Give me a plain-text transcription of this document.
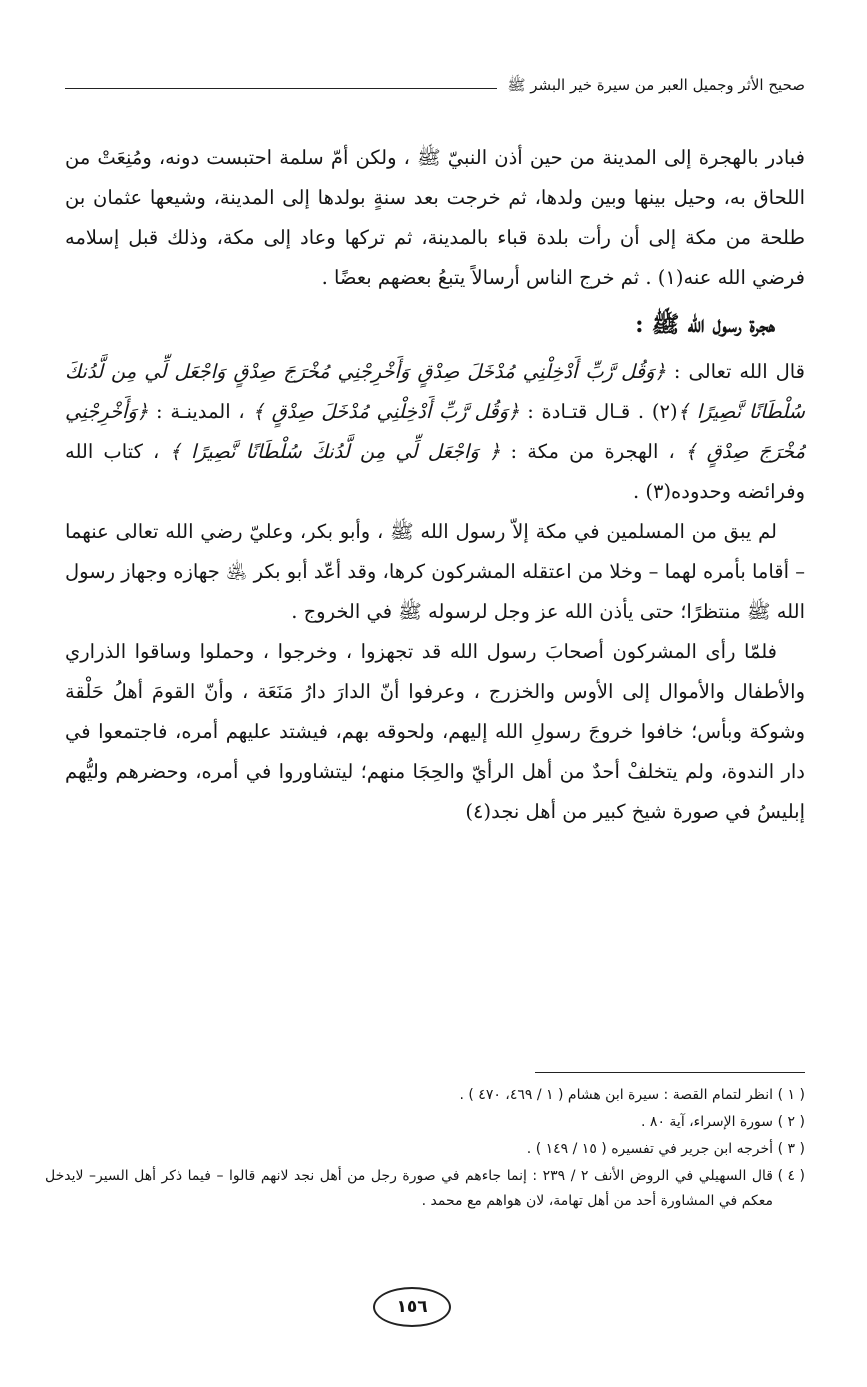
صحيح الأثر وجميل العبر من سيرة خير البشر ﷺ

فبادر بالهجرة إلى المدينة من حين أذن النبيّ ﷺ ، ولكن أمّ سلمة احتبست دونه، ومُنِعَتْ من اللحاق به، وحيل بينها وبين ولدها، ثم خرجت بعد سنةٍ بولدها إلى المدينة، وشيعها عثمان بن طلحة من مكة إلى أن رأت بلدة قباء بالمدينة، ثم تركها وعاد إلى مكة، وذلك قبل إسلامه فرضي الله عنه(١) . ثم خرج الناس أرسالاً يتبعُ بعضهم بعضًا .

هجرة رسول الله ﷺ :

قال الله تعالى : ﴿وَقُل رَّبِّ أَدْخِلْنِي مُدْخَلَ صِدْقٍ وَأَخْرِجْنِي مُخْرَجَ صِدْقٍ وَاجْعَل لِّي مِن لَّدُنكَ سُلْطَانًا نَّصِيرًا ﴾(٢) . قـال قتـادة : ﴿وَقُل رَّبِّ أَدْخِلْنِي مُدْخَلَ صِدْقٍ ﴾ ، المدينـة : ﴿وَأَخْرِجْنِي مُخْرَجَ صِدْقٍ ﴾ ، الهجرة من مكة : ﴿ وَاجْعَل لِّي مِن لَّدُنكَ سُلْطَانًا نَّصِيرًا ﴾ ، كتاب الله وفرائضه وحدوده(٣) .

لم يبق من المسلمين في مكة إلاّ رسول الله ﷺ ، وأبو بكر، وعليّ رضي الله تعالى عنهما – أقاما بأمره لهما – وخلا من اعتقله المشركون كرها، وقد أعّد أبو بكر ﵁ جهازه وجهاز رسول الله ﷺ منتظرًا؛ حتى يأذن الله عز وجل لرسوله ﷺ في الخروج .

فلمّا رأى المشركون أصحابَ رسول الله قد تجهزوا ، وخرجوا ، وحملوا وساقوا الذراري والأطفال والأموال إلى الأوس والخزرج ، وعرفوا أنّ الدارَ دارُ مَنَعَة ، وأنّ القومَ أهلُ حَلْقة وشوكة وبأس؛ خافوا خروجَ رسولِ الله إليهم، ولحوقه بهم، فيشتد عليهم أمره، فاجتمعوا في دار الندوة، ولم يتخلفْ أحدٌ من أهل الرأيّ والحِجَا منهم؛ ليتشاوروا في أمره، وحضرهم وليُّهم إبليسُ في صورة شيخ كبير من أهل نجد(٤)

( ١ )
انظر لتمام القصة : سيرة ابن هشام ( ١ / ٤٦٩، ٤٧٠ ) .
( ٢ )
سورة الإسراء، آية ٨٠ .
( ٣ )
أخرجه ابن جرير في تفسيره ( ١٥ / ١٤٩ ) .
( ٤ )
قال السهيلي في الروض الأنف ٢ / ٢٣٩ : إنما جاءهم في صورة رجل من أهل نجد لانهم قالوا – فيما ذكر أهل السير– لايدخل معكم في المشاورة أحد من أهل تهامة، لان هواهم مع محمد .
١٥٦
